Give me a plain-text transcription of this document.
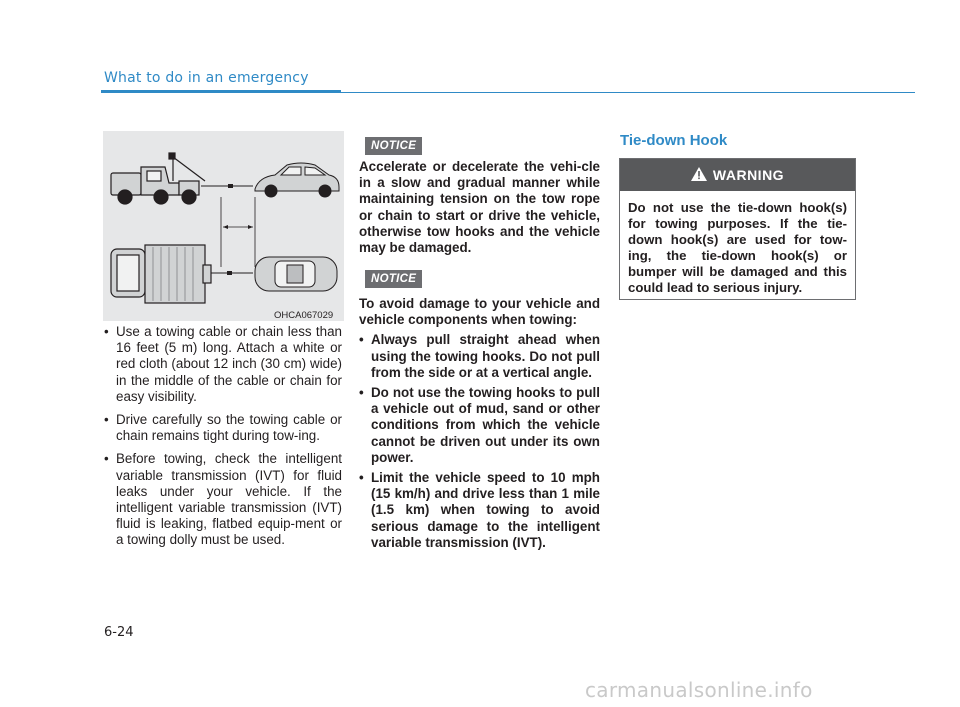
What to do in an emergency
OHCA067029

• Use a towing cable or chain less than 16 feet (5 m) long. Attach a white or red cloth (about 12 inch (30 cm) wide) in the middle of the cable or chain for easy visibility.

• Drive carefully so the towing cable or chain remains tight during tow-ing.

• Before towing, check the intelligent variable transmission (IVT) for fluid leaks under your vehicle. If the intelligent variable transmission (IVT) fluid is leaking, flatbed equip-ment or a towing dolly must be used.

NOTICE
Accelerate or decelerate the vehi-cle in a slow and gradual manner while maintaining tension on the tow rope or chain to start or drive the vehicle, otherwise tow hooks and the vehicle may be damaged.
NOTICE

To avoid damage to your vehicle and vehicle components when towing:

• Always pull straight ahead when using the towing hooks. Do not pull from the side or at a vertical angle.

• Do not use the towing hooks to pull a vehicle out of mud, sand or other conditions from which the vehicle cannot be driven out under its own power.

• Limit the vehicle speed to 10 mph (15 km/h) and drive less than 1 mile (1.5 km) when towing to avoid serious damage to the intelligent variable transmission (IVT).

Tie-down Hook
WARNING
Do not use the tie-down hook(s) for towing purposes. If the tie-down hook(s) are used for tow-ing, the tie-down hook(s) or bumper will be damaged and this could lead to serious injury.
6-24
carmanualsonline.info
